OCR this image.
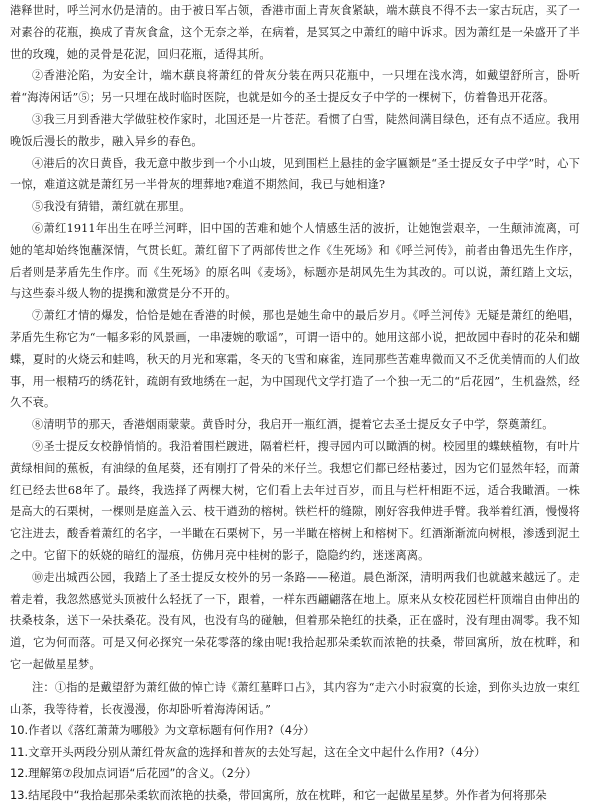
港释世时，呼兰河水仍是清的。由于被日军占领，香港市面上青灰食紧缺，端木蕻良不得不去一家古玩店，买了一对素谷的花瓶，换成了青灰食盒，这个无奈之举，在病着，是冥冥之中萧红的暗中诉求。因为萧红是一朵盛开了半世的玫瑰，她的灵骨是花泥，回归花瓶，适得其所。

②香港沦陷，为安全计，端木蕻良将萧红的骨灰分装在两只花瓶中，一只埋在浅水湾，如戴望舒所言，卧听着“海涛闲话”⑤；另一只埋在战时临时医院，也就是如今的圣士提反女子中学的一棵树下，仿着鲁迅开花落。

③我三月到香港大学做驻校作家时，北国还是一片苍茫。看惯了白雪，陡然间满目绿色，还有点不适应。我用晚饭后漫长的散步，融入异乡的春色。

④港后的次日黄昏，我无意中散步到一个小山坡，见到围栏上悬挂的金字匾额是“圣士提反女子中学”时，心下一惊，难道这就是萧红另一半骨灰的埋葬地?难道不期然间，我已与她相逢?

⑤我没有猜错，萧红就在那里。

⑥萧红1911年出生在呼兰河畔，旧中国的苦难和她个人情感生活的波折，让她饱尝艰辛，一生颠沛流离，可她的笔却始终饱蘸深情，气贯长虹。萧红留下了两部传世之作《生死场》和《呼兰河传》，前者由鲁迅先生作序，后者则是茅盾先生作序。而《生死场》的原名叫《麦场》，标题亦是胡风先生为其改的。可以说，萧红踏上文坛，与这些泰斗级人物的提携和激赏是分不开的。

⑦萧红才情的爆发，恰恰是她在香港的时候，那也是她生命中的最后岁月。《呼兰河传》无疑是萧红的绝唱，茅盾先生称它为“一幅多彩的风景画，一串凄婉的歌谣”，可谓一语中的。她用这部小说，把故园中春时的花朵和蝴蝶，夏时的火烧云和蛙鸣，秋天的月光和寒霜，冬天的飞雪和麻雀，连同那些苦难卑微而又不乏优美情而的人们故事，用一根精巧的绣花针，疏朗有致地绣在一起，为中国现代文学打造了一个独一无二的“后花园”，生机盎然，经久不衰。

⑧清明节的那天，香港烟雨蒙蒙。黄昏时分，我启开一瓶红酒，提着它去圣士提反女子中学，祭奠萧红。

⑨圣士提反女校静悄悄的。我沿着围栏踱进，隔着栏杆，搜寻园内可以瞰酒的树。校园里的蝶蛱植物，有叶片黄绿相间的蕉板，有油绿的鱼尾葵，还有刚打了骨朵的米仔兰。我想它们都已经枯萎过，因为它们显然年轻，而萧红已经去世68年了。最终，我选择了两棵大树，它们看上去年过百岁，而且与栏杆相距不远，适合我瞰酒。一株是高大的石栗树，一棵则是庭盖入云、枝干遒劲的榕树。铁栏杆的缝隙，刚好容我伸进手臂。我举着红酒，慢慢将它注进去，酸香着萧红的名字，一半瞰在石栗树下，另一半瞰在榕树上和榕树下。红酒渐渐流向树根，渗透到泥土之中。它留下的妖娆的暗红的湿痕，仿佛月亮中桂树的影子，隐隐约约，迷迷离离。

⑩走出城西公园，我踏上了圣士提反女校外的另一条路——秘道。晨色渐深，清明两我们也就越来越远了。走着走着，我忽然感觉头顶被什么轻抚了一下，跟着，一样东西翩翩落在地上。原来从女校花园栏杆顶端自由伸出的扶桑枝条，送下一朵扶桑花。没有风，也没有鸟的碰触，但着那朵艳红的扶桑，正在盛时，没有理由凋零。我不知道，它为何而落。可是又何必探究一朵花零落的缘由呢!我拾起那朵柔软而浓艳的扶桑，带回寓所，放在枕畔，和它一起做星星梦。

注：①指的是戴望舒为萧红做的悼亡诗《萧红墓畔口占》，其内容为“走六小时寂寞的长途，到你头边放一束红山茶，我等待着，长夜漫漫，你却卧听着海涛闲话。”

10.作者以《落红萧萧为哪般》为文章标题有何作用?（4分）
11.文章开头两段分别从萧红骨灰盒的选择和普灰的去处写起，这在全文中起什么作用?（4分）
12.理解第⑦段加点词语“后花园”的含义。（2分）
13.结尾段中“我拾起那朵柔软而浓艳的扶桑，带回寓所，放在枕畔，和它一起做星星梦。外作者为何将那朵
